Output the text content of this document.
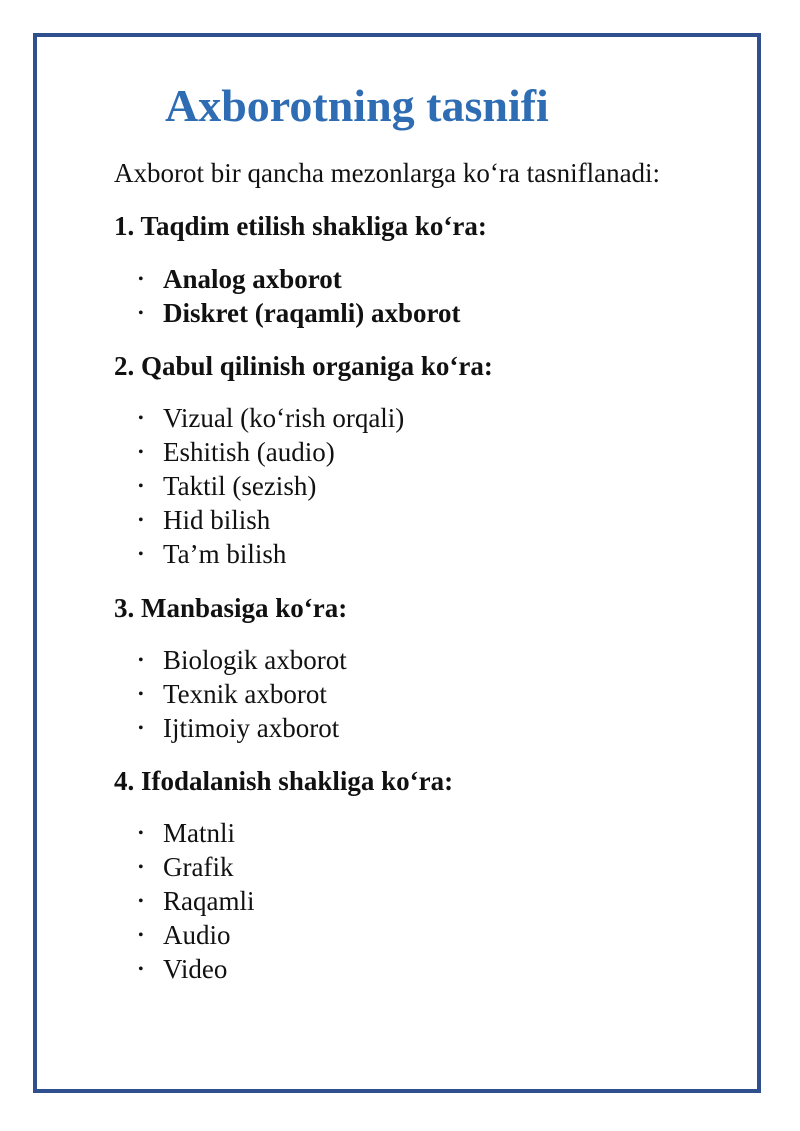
Axborotning tasnifi

Axborot bir qancha mezonlarga ko‘ra tasniflanadi:

1. Taqdim etilish shakliga ko‘ra:
• Analog axborot
• Diskret (raqamli) axborot
2. Qabul qilinish organiga ko‘ra:
• Vizual (ko‘rish orqali)
• Eshitish (audio)
• Taktil (sezish)
• Hid bilish
• Ta’m bilish
3. Manbasiga ko‘ra:
• Biologik axborot
• Texnik axborot
• Ijtimoiy axborot
4. Ifodalanish shakliga ko‘ra:
• Matnli
• Grafik
• Raqamli
• Audio
• Video
